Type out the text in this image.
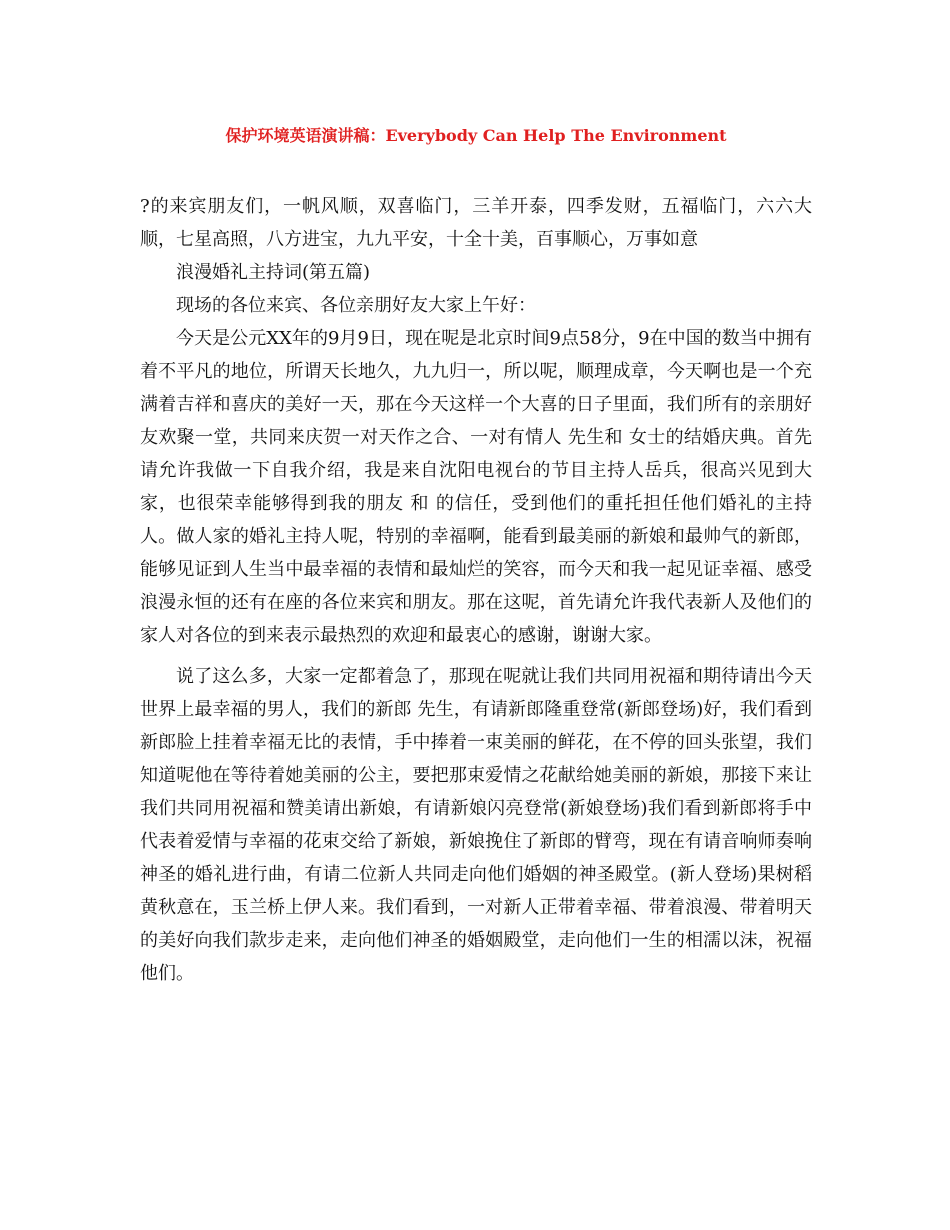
保护环境英语演讲稿：Everybody Can Help The Environment

?的来宾朋友们，一帆风顺，双喜临门，三羊开泰，四季发财，五福临门，六六大顺，七星高照，八方进宝，九九平安，十全十美，百事顺心，万事如意

浪漫婚礼主持词(第五篇)

现场的各位来宾、各位亲朋好友大家上午好：

今天是公元XX年的9月9日，现在呢是北京时间9点58分，9在中国的数当中拥有着不平凡的地位，所谓天长地久，九九归一，所以呢，顺理成章，今天啊也是一个充满着吉祥和喜庆的美好一天，那在今天这样一个大喜的日子里面，我们所有的亲朋好友欢聚一堂，共同来庆贺一对天作之合、一对有情人 先生和 女士的结婚庆典。首先请允许我做一下自我介绍，我是来自沈阳电视台的节目主持人岳兵，很高兴见到大家，也很荣幸能够得到我的朋友 和 的信任，受到他们的重托担任他们婚礼的主持人。做人家的婚礼主持人呢，特别的幸福啊，能看到最美丽的新娘和最帅气的新郎，能够见证到人生当中最幸福的表情和最灿烂的笑容，而今天和我一起见证幸福、感受浪漫永恒的还有在座的各位来宾和朋友。那在这呢，首先请允许我代表新人及他们的家人对各位的到来表示最热烈的欢迎和最衷心的感谢，谢谢大家。

说了这么多，大家一定都着急了，那现在呢就让我们共同用祝福和期待请出今天世界上最幸福的男人，我们的新郎 先生，有请新郎隆重登常(新郎登场)好，我们看到新郎脸上挂着幸福无比的表情，手中捧着一束美丽的鲜花，在不停的回头张望，我们知道呢他在等待着她美丽的公主，要把那束爱情之花献给她美丽的新娘，那接下来让我们共同用祝福和赞美请出新娘，有请新娘闪亮登常(新娘登场)我们看到新郎将手中代表着爱情与幸福的花束交给了新娘，新娘挽住了新郎的臂弯，现在有请音响师奏响神圣的婚礼进行曲，有请二位新人共同走向他们婚姻的神圣殿堂。(新人登场)果树稻黄秋意在，玉兰桥上伊人来。我们看到，一对新人正带着幸福、带着浪漫、带着明天的美好向我们款步走来，走向他们神圣的婚姻殿堂，走向他们一生的相濡以沫，祝福他们。
